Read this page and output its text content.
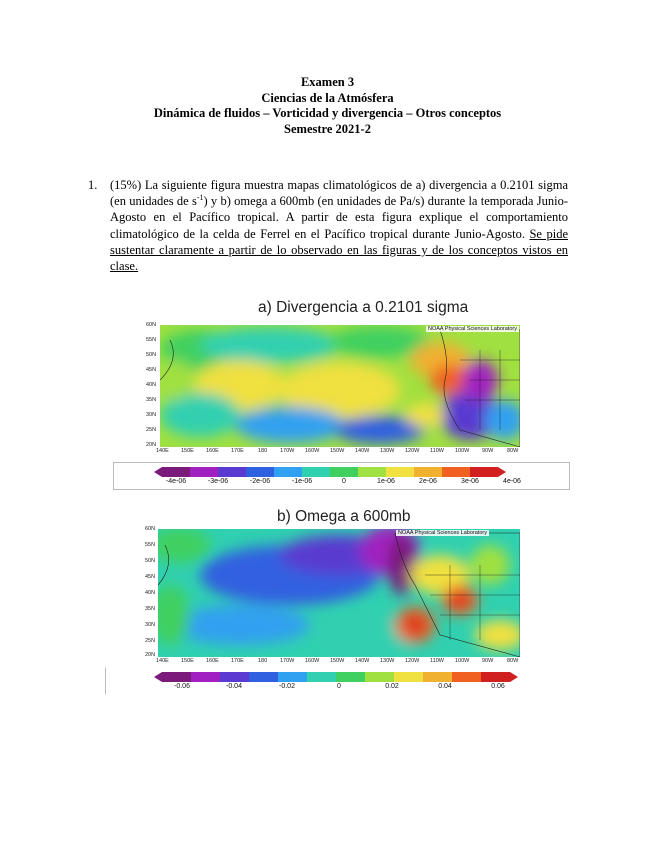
Examen 3
Ciencias de la Atmósfera
Dinámica de fluidos – Vorticidad y divergencia – Otros conceptos
Semestre 2021-2
1. (15%) La siguiente figura muestra mapas climatológicos de a) divergencia a 0.2101 sigma (en unidades de $s^{-1}$) y b) omega a 600mb (en unidades de Pa/s) durante la temporada Junio-Agosto en el Pacífico tropical. A partir de esta figura explique el comportamiento climatológico de la celda de Ferrel en el Pacífico tropical durante Junio-Agosto. Se pide sustentar claramente a partir de lo observado en las figuras y de los conceptos vistos en clase.
a) Divergencia a 0.2101 sigma
NOAA Physical Sciences Laboratory
60N
55N
50N
45N
40N
35N
30N
25N
20N
140E 150E 160E 170E	180 170W 160W 150W 140W 130W 120W 110W 100W 90W 80W
-4e-06	-3e-06	-2e-06	-1e-06	0	1e-06	2e-06	3e-06	4e-06
b) Omega a 600mb
NOAA Physical Sciences Laboratory
60N
55N
50N
45N
40N
35N
30N
25N
20N
140E 150E 160E 170E	180 170W 160W 150W 140W 130W 120W 110W 100W 90W 80W
-0.06	-0.04	-0.02	0	0.02	0.04	0.06
